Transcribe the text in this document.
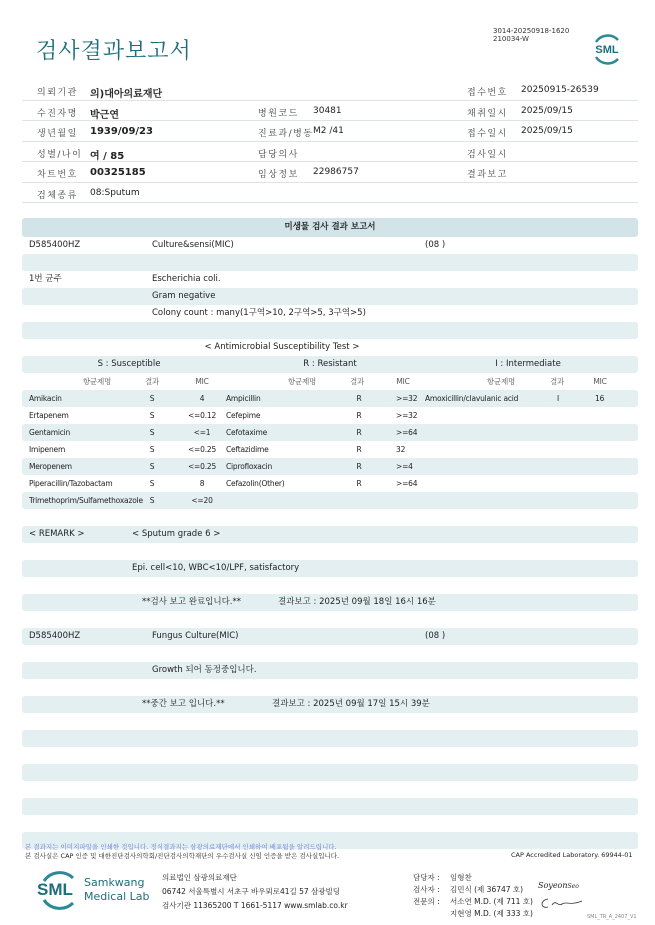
검사결과보고서
3014-20250918-1620
210034-W
SML
의뢰기관 의)대아의료재단	접수번호 20250915-26539
수진자명 박근연	병원코드 30481	채취일시 2025/09/15
생년월일 1939/09/23	진료과/병동 M2 /41	접수일시 2025/09/15
성별/나이 여 / 85	담당의사	검사일시
차트번호 00325185	임상정보 22986757	결과보고
검체종류 08:Sputum
미생물 검사 결과 보고서
D585400HZ	Culture&sensi(MIC)	(08 )
1번 균주	Escherichia coli.
Gram negative
Colony count : many(1구역>10, 2구역>5, 3구역>5)
< Antimicrobial Susceptibility Test >
S : Susceptible	R : Resistant	I : Intermediate
항균제명	결과	MIC	항균제명	결과	MIC	항균제명	결과	MIC
Amikacin	S	4	Ampicillin	R	>=32 Amoxicillin/clavulanic acid	I	16
Ertapenem	S	<=0.12 Cefepime	R	>=32
Gentamicin	S	<=1 Cefotaxime	R	>=64
Imipenem	S	<=0.25 Ceftazidime	R	32
Meropenem	S	<=0.25 Ciprofloxacin	R	>=4
Piperacillin/Tazobactam	S	8	Cefazolin(Other)	R	>=64
Trimethoprim/Sulfamethoxazole S	<=20
< REMARK >	< Sputum grade 6 >
Epi. cell<10, WBC<10/LPF, satisfactory
**검사 보고 완료입니다.**	결과보고 : 2025년 09월 18일 16시 16분
D585400HZ	Fungus Culture(MIC)	(08 )
Growth 되어 동정중입니다.
**중간 보고 입니다.**	결과보고 : 2025년 09월 17일 15시 39분
본 결과지는 이미지파일을 인쇄한 것입니다. 정식결과지는 삼광의료재단에서 인쇄하여 배포됨을 알려드립니다.
본 검사실은 CAP 인증 및 대한진단검사의학회/진단검사의학재단의 우수검사실 신임 인증을 받은 검사실입니다.	CAP Accredited Laboratory. 69944-01
SML Samkwang
Medical Lab
의료법인 삼광의료재단
06742 서울특별시 서초구 바우뫼로41길 57 삼광빌딩
검사기관 11365200 T 1661-5117 www.smlab.co.kr
담당자 : 임형찬
검사자 : 김민식 (제 36747 호)
전문의 : 서소연 M.D. (제 711 호)
지현영 M.D. (제 333 호)
SoyeonSeo
SML_TR_A_2407_V1
